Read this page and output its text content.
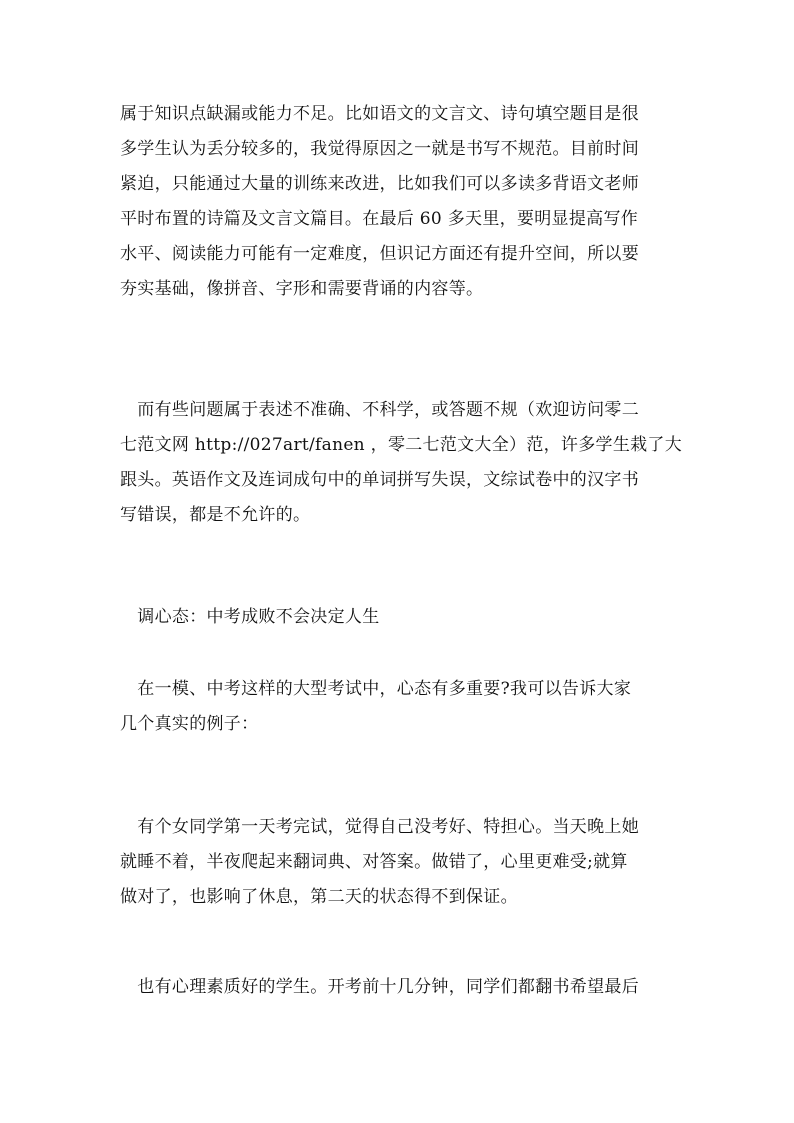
属于知识点缺漏或能力不足。比如语文的文言文、诗句填空题目是很
多学生认为丢分较多的，我觉得原因之一就是书写不规范。目前时间
紧迫，只能通过大量的训练来改进，比如我们可以多读多背语文老师
平时布置的诗篇及文言文篇目。在最后 60 多天里，要明显提高写作
水平、阅读能力可能有一定难度，但识记方面还有提升空间，所以要
夯实基础，像拼音、字形和需要背诵的内容等。
　而有些问题属于表述不准确、不科学，或答题不规（欢迎访问零二
七范文网 http://027art/fanen ，零二七范文大全）范，许多学生栽了大
跟头。英语作文及连词成句中的单词拼写失误，文综试卷中的汉字书
写错误，都是不允许的。
　调心态：中考成败不会决定人生
　在一模、中考这样的大型考试中，心态有多重要?我可以告诉大家
几个真实的例子：
　有个女同学第一天考完试，觉得自己没考好、特担心。当天晚上她
就睡不着，半夜爬起来翻词典、对答案。做错了，心里更难受;就算
做对了，也影响了休息，第二天的状态得不到保证。
　也有心理素质好的学生。开考前十几分钟，同学们都翻书希望最后
